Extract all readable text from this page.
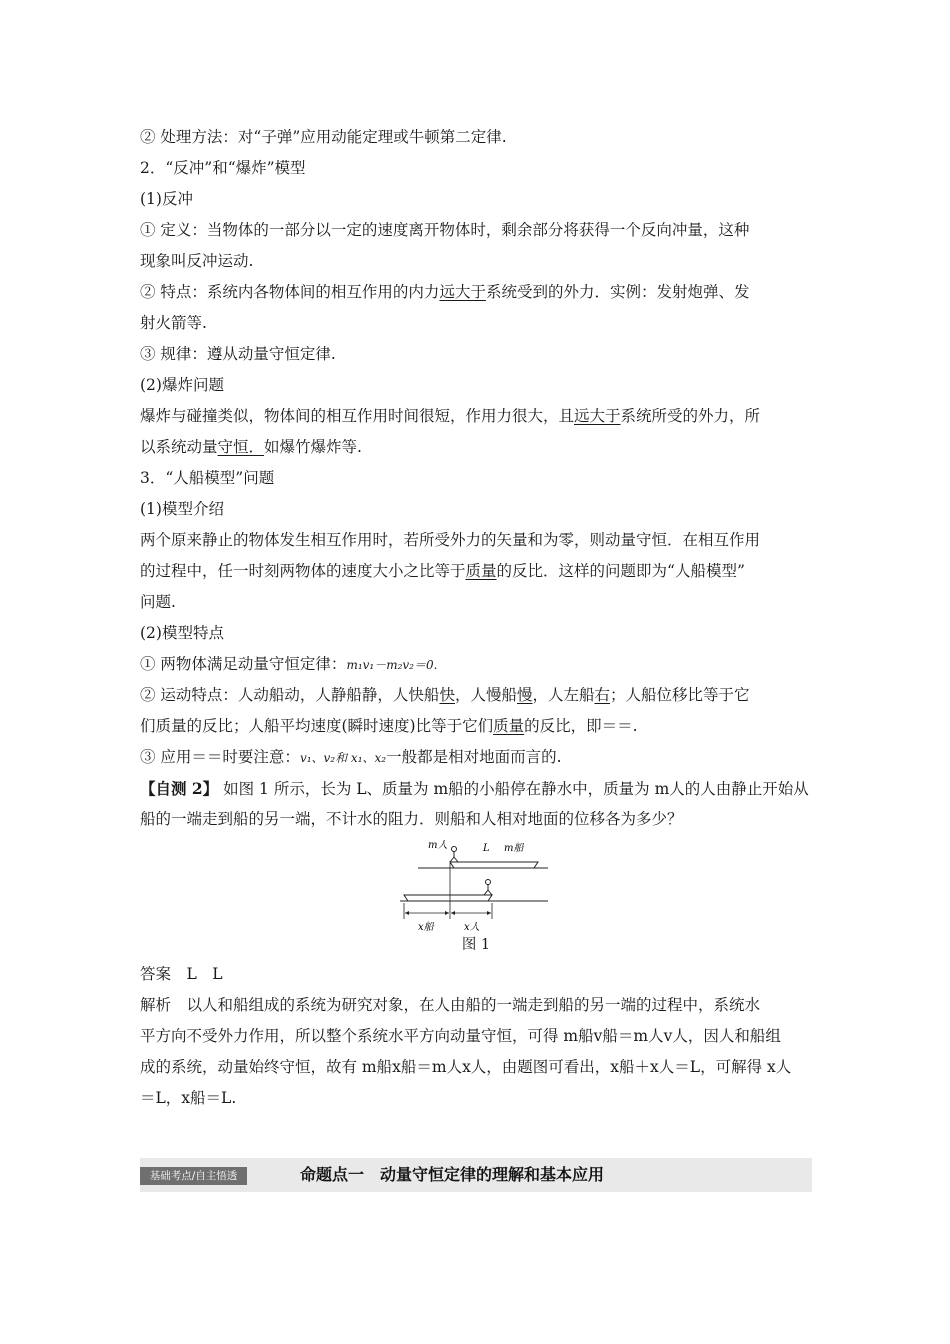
② 处理方法：对“子弹”应用动能定理或牛顿第二定律.
2．“反冲”和“爆炸”模型
(1)反冲
① 定义：当物体的一部分以一定的速度离开物体时，剩余部分将获得一个反向冲量，这种
现象叫反冲运动.
② 特点：系统内各物体间的相互作用的内力远大于系统受到的外力．实例：发射炮弹、发
射火箭等.
③ 规律：遵从动量守恒定律.
(2)爆炸问题
爆炸与碰撞类似，物体间的相互作用时间很短，作用力很大，且远大于系统所受的外力，所
以系统动量守恒．如爆竹爆炸等.
3．“人船模型”问题
(1)模型介绍
两个原来静止的物体发生相互作用时，若所受外力的矢量和为零，则动量守恒．在相互作用
的过程中，任一时刻两物体的速度大小之比等于质量的反比．这样的问题即为“人船模型”
问题.
(2)模型特点
① 两物体满足动量守恒定律：m₁v₁－m₂v₂＝0.
② 运动特点：人动船动，人静船静，人快船快，人慢船慢，人左船右；人船位移比等于它
们质量的反比；人船平均速度(瞬时速度)比等于它们质量的反比，即＝＝.
③ 应用＝＝时要注意：v₁、v₂和 x₁、x₂一般都是相对地面而言的.
【自测 2】 如图 1 所示，长为 L、质量为 m船的小船停在静水中，质量为 m人的人由静止开始从
船的一端走到船的另一端，不计水的阻力．则船和人相对地面的位移各为多少？
m人	L m船
x船	x人
图 1
答案　L　L
解析　以人和船组成的系统为研究对象，在人由船的一端走到船的另一端的过程中，系统水
平方向不受外力作用，所以整个系统水平方向动量守恒，可得 m船v船＝m人v人，因人和船组
成的系统，动量始终守恒，故有 m船x船＝m人x人，由题图可看出，x船＋x人＝L，可解得 x人
＝L，x船＝L.
基础考点∕自主悟透	命题点一　动量守恒定律的理解和基本应用
